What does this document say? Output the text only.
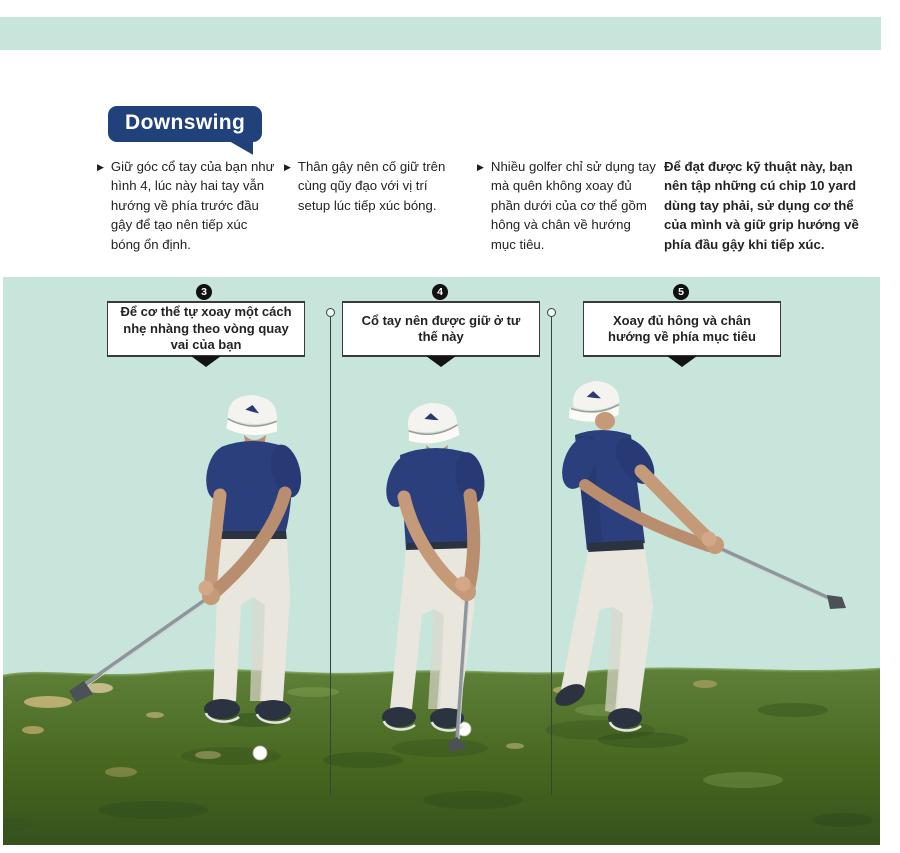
Downswing
▶ Giữ góc cổ tay của bạn như hình 4, lúc này hai tay vẫn hướng về phía trước đầu gậy để tạo nên tiếp xúc bóng ổn định.
▶ Thân gậy nên cố giữ trên cùng qũy đạo với vị trí setup lúc tiếp xúc bóng.
▶ Nhiều golfer chỉ sử dụng tay mà quên không xoay đủ phần dưới của cơ thể gồm hông và chân về hướng mục tiêu.
Để đạt được kỹ thuật này, bạn nên tập những cú chip 10 yard dùng tay phải, sử dụng cơ thể của mình và giữ grip hướng về phía đầu gậy khi tiếp xúc.
Để cơ thể tự xoay một cách nhẹ nhàng theo vòng quay vai của bạn
Cổ tay nên được giữ ở tư thế này
Xoay đủ hông và chân hướng về phía mục tiêu
3	4	5
